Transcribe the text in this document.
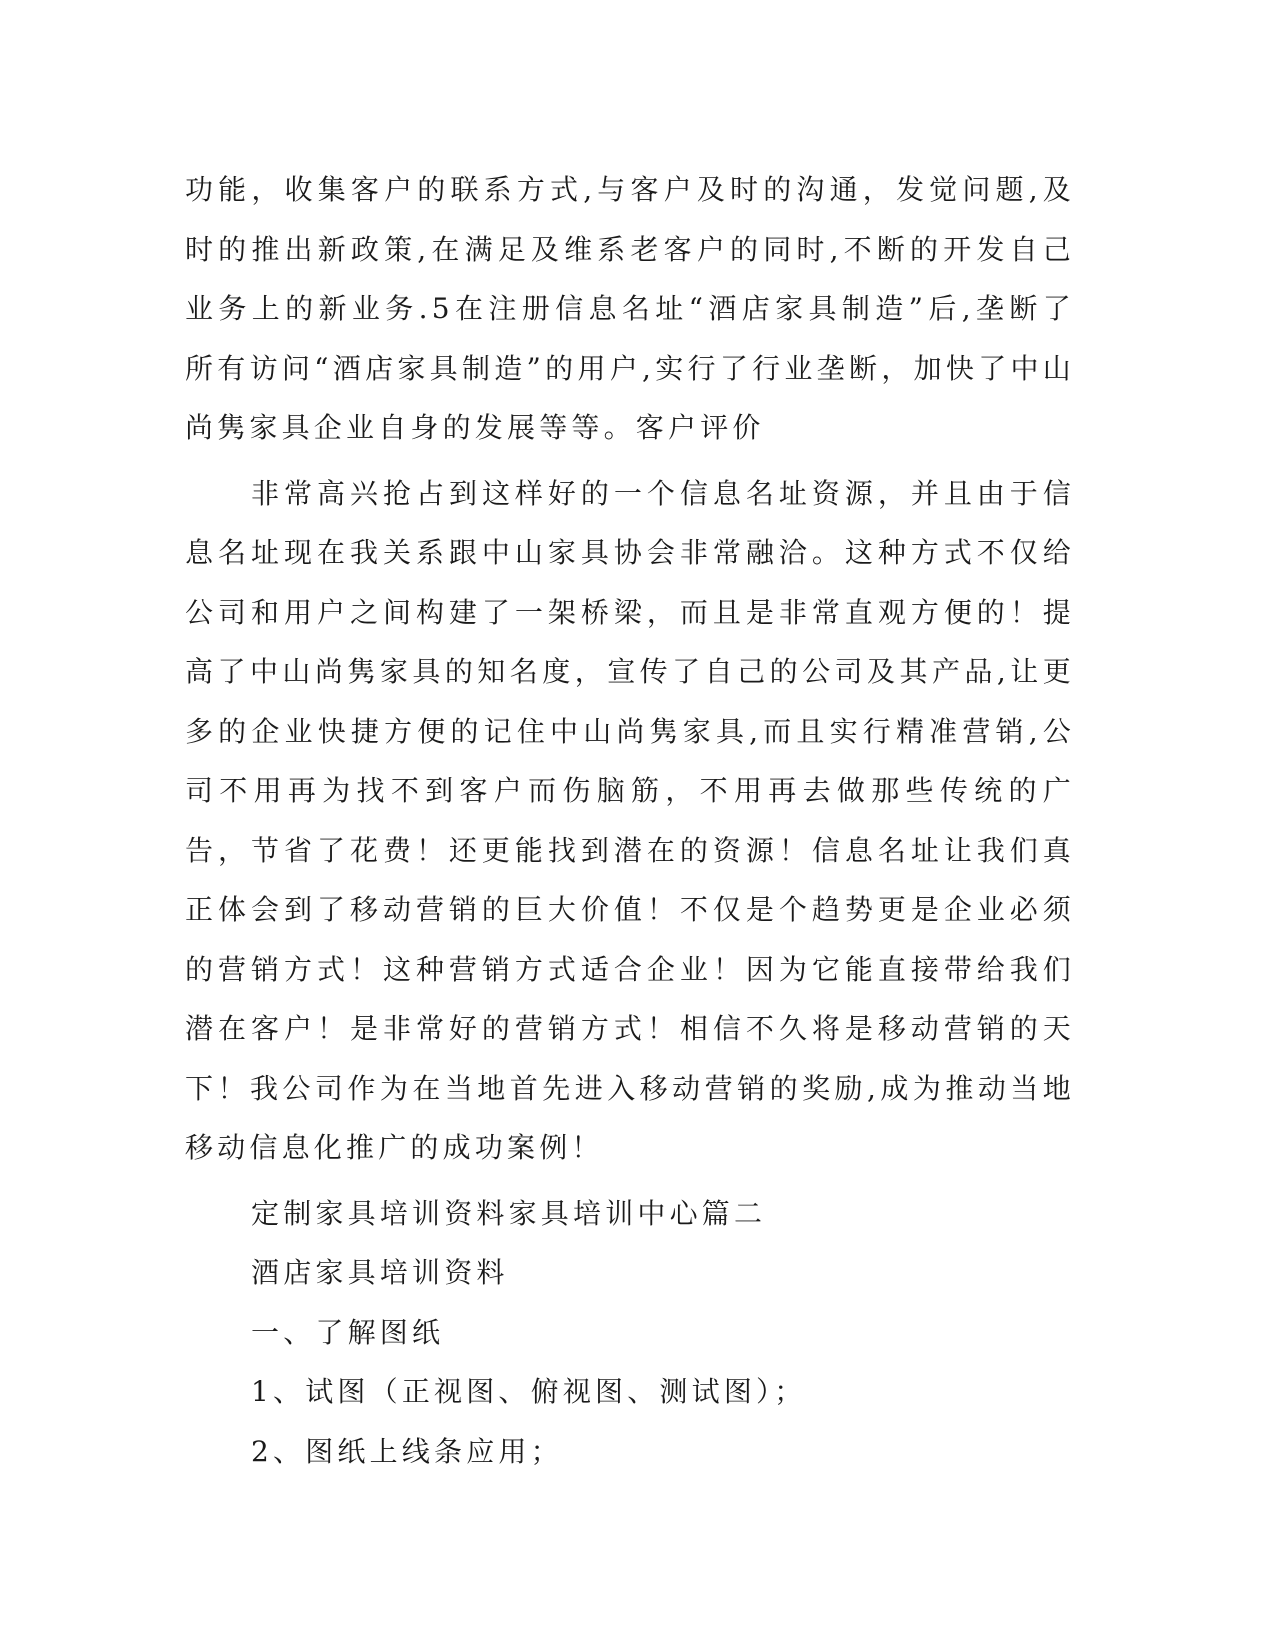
功能，收集客户的联系方式,与客户及时的沟通，发觉问题,及时的推出新政策,在满足及维系老客户的同时,不断的开发自己业务上的新业务.5在注册信息名址“酒店家具制造”后,垄断了所有访问“酒店家具制造”的用户,实行了行业垄断，加快了中山尚隽家具企业自身的发展等等。客户评价

非常高兴抢占到这样好的一个信息名址资源，并且由于信息名址现在我关系跟中山家具协会非常融洽。这种方式不仅给公司和用户之间构建了一架桥梁，而且是非常直观方便的！提高了中山尚隽家具的知名度，宣传了自己的公司及其产品,让更多的企业快捷方便的记住中山尚隽家具,而且实行精准营销,公司不用再为找不到客户而伤脑筋，不用再去做那些传统的广告，节省了花费！还更能找到潜在的资源！信息名址让我们真正体会到了移动营销的巨大价值！不仅是个趋势更是企业必须的营销方式！这种营销方式适合企业！因为它能直接带给我们潜在客户！是非常好的营销方式！相信不久将是移动营销的天下！我公司作为在当地首先进入移动营销的奖励,成为推动当地移动信息化推广的成功案例！

定制家具培训资料家具培训中心篇二

酒店家具培训资料

一、了解图纸

1、试图（正视图、俯视图、测试图）；

2、图纸上线条应用；
